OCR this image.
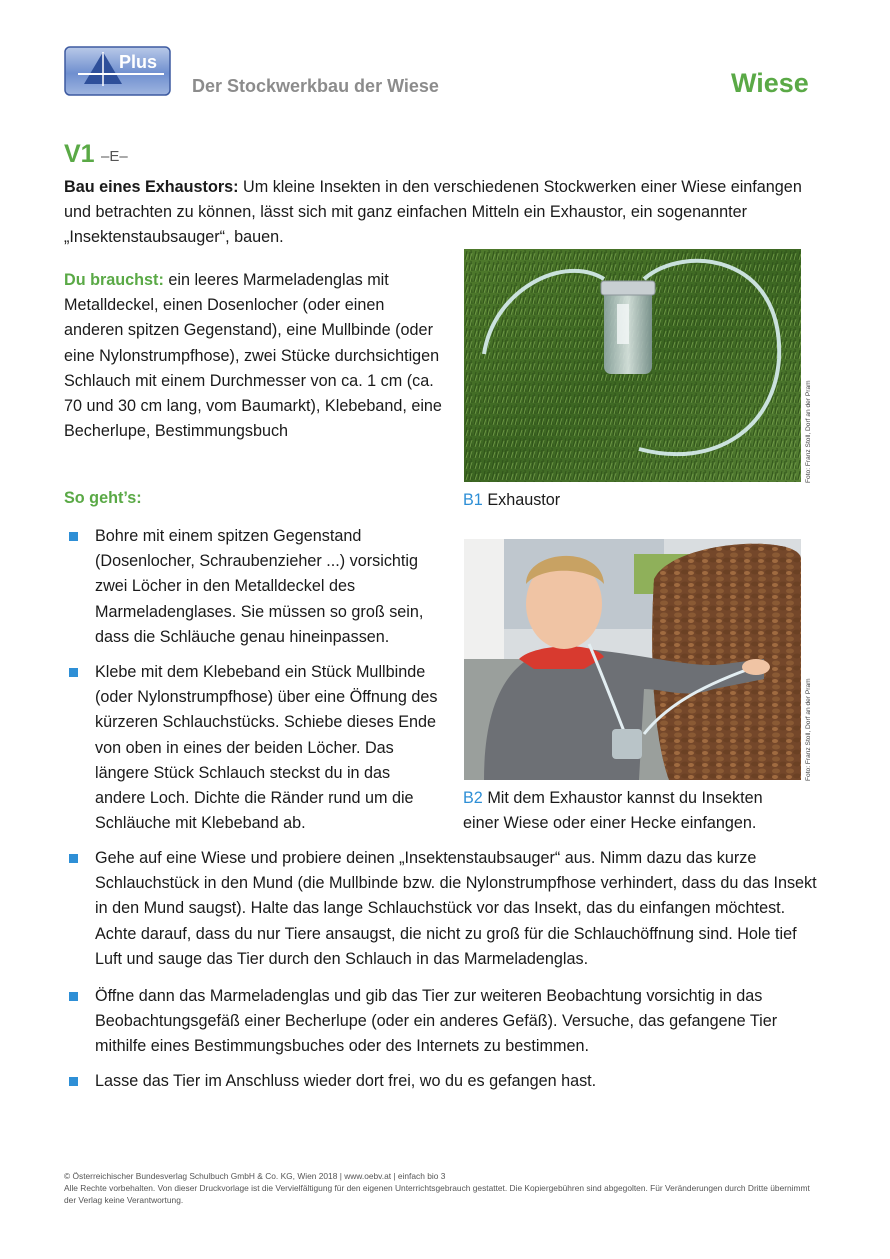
Plus
Der Stockwerkbau der Wiese	Wiese
V1 –E–
Bau eines Exhaustors: Um kleine Insekten in den verschiedenen Stockwerken einer Wiese einfangen und betrachten zu können, lässt sich mit ganz einfachen Mitteln ein Exhaustor, ein sogenannter „Insektenstaubsauger“, bauen.
Du brauchst: ein leeres Marmeladenglas mit Metalldeckel, einen Dosenlocher (oder einen anderen spitzen Gegenstand), eine Mullbinde (oder eine Nylonstrumpfhose), zwei Stücke durchsichtigen Schlauch mit einem Durchmesser von ca. 1 cm (ca. 70 und 30 cm lang, vom Baumarkt), Klebeband, eine Becherlupe, Bestimmungsbuch
So geht’s:
Bohre mit einem spitzen Gegenstand (Dosenlocher, Schraubenzieher ...) vorsichtig zwei Löcher in den Metalldeckel des Marmeladenglases. Sie müssen so groß sein, dass die Schläuche genau hineinpassen.
Klebe mit dem Klebeband ein Stück Mullbinde (oder Nylonstrumpfhose) über eine Öffnung des kürzeren Schlauchstücks. Schiebe dieses Ende von oben in eines der beiden Löcher. Das längere Stück Schlauch steckst du in das andere Loch. Dichte die Ränder rund um die Schläuche mit Klebeband ab.
Gehe auf eine Wiese und probiere deinen „Insektenstaubsauger“ aus. Nimm dazu das kurze Schlauchstück in den Mund (die Mullbinde bzw. die Nylonstrumpfhose verhindert, dass du das Insekt in den Mund saugst). Halte das lange Schlauchstück vor das Insekt, das du einfangen möchtest. Achte darauf, dass du nur Tiere ansaugst, die nicht zu groß für die Schlauchöffnung sind. Hole tief Luft und sauge das Tier durch den Schlauch in das Marmeladenglas.
Öffne dann das Marmeladenglas und gib das Tier zur weiteren Beobachtung vorsichtig in das Beobachtungsgefäß einer Becherlupe (oder ein anderes Gefäß). Versuche, das gefangene Tier mithilfe eines Bestimmungsbuches oder des Internets zu bestimmen.
Lasse das Tier im Anschluss wieder dort frei, wo du es gefangen hast.
Foto: Franz Stoll, Dorf an der Pram
B1 Exhaustor
Foto: Franz Stoll, Dorf an der Pram
B2 Mit dem Exhaustor kannst du Insekten einer Wiese oder einer Hecke einfangen.
© Österreichischer Bundesverlag Schulbuch GmbH & Co. KG, Wien 2018 | www.oebv.at | einfach bio 3
Alle Rechte vorbehalten. Von dieser Druckvorlage ist die Vervielfältigung für den eigenen Unterrichtsgebrauch gestattet. Die Kopiergebühren sind abgegolten. Für Veränderungen durch Dritte übernimmt der Verlag keine Verantwortung.
